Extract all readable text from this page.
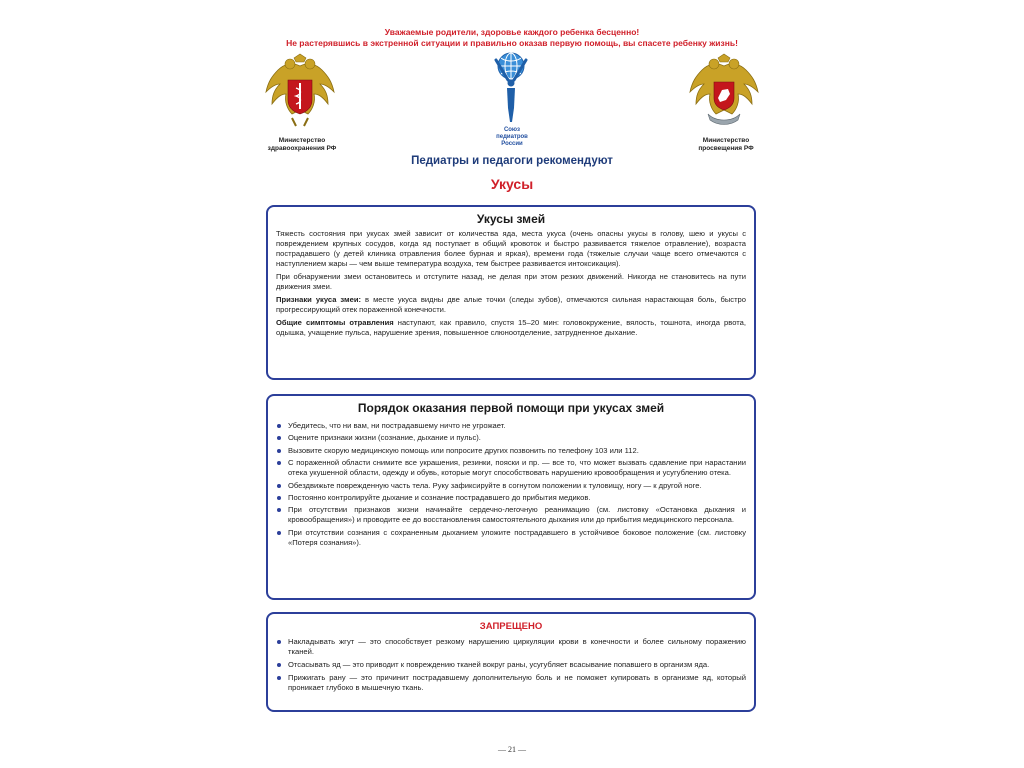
Уважаемые родители, здоровье каждого ребенка бесценно!
Не растерявшись в экстренной ситуации и правильно оказав первую помощь, вы спасете ребенку жизнь!
Министерство
здравоохранения РФ
Союз
педиатров
России	Министерство
просвещения РФ
Педиатры и педагоги рекомендуют
Укусы
Укусы змей
Тяжесть состояния при укусах змей зависит от количества яда, места укуса (очень опасны укусы в голову, шею и укусы с повреждением крупных сосудов, когда яд поступает в общий кровоток и быстро развивается тяжелое отравление), возраста пострадавшего (у детей клиника отравления более бурная и яркая), времени года (тяжелые случаи чаще всего отмечаются с наступлением жары — чем выше температура воздуха, тем быстрее развивается интоксикация).
При обнаружении змеи остановитесь и отступите назад, не делая при этом резких движений. Никогда не становитесь на пути движения змеи.
Признаки укуса змеи: в месте укуса видны две алые точки (следы зубов), отмечаются сильная нарастающая боль, быстро прогрессирующий отек пораженной конечности.
Общие симптомы отравления наступают, как правило, спустя 15–20 мин: головокружение, вялость, тошнота, иногда рвота, одышка, учащение пульса, нарушение зрения, повышенное слюноотделение, затрудненное дыхание.
Порядок оказания первой помощи при укусах змей
Убедитесь, что ни вам, ни пострадавшему ничто не угрожает.
Оцените признаки жизни (сознание, дыхание и пульс).
Вызовите скорую медицинскую помощь или попросите других позвонить по телефону 103 или 112.
С пораженной области снимите все украшения, резинки, пояски и пр. — все то, что может вызвать сдавление при нарастании отека укушенной области, одежду и обувь, которые могут способствовать нарушению кровообращения и усугублению отека.
Обездвижьте поврежденную часть тела. Руку зафиксируйте в согнутом положении к туловищу, ногу — к другой ноге.
Постоянно контролируйте дыхание и сознание пострадавшего до прибытия медиков.
При отсутствии признаков жизни начинайте сердечно-легочную реанимацию (см. листовку «Остановка дыхания и кровообращения») и проводите ее до восстановления самостоятельного дыхания или до прибытия медицинского персонала.
При отсутствии сознания с сохраненным дыханием уложите пострадавшего в устойчивое боковое положение (см. листовку «Потеря сознания»).
ЗАПРЕЩЕНО
Накладывать жгут — это способствует резкому нарушению циркуляции крови в конечности и более сильному поражению тканей.
Отсасывать яд — это приводит к повреждению тканей вокруг раны, усугубляет всасывание попавшего в организм яда.
Прижигать рану — это причинит пострадавшему дополнительную боль и не поможет купировать в организме яд, который проникает глубоко в мышечную ткань.
— 21 —
